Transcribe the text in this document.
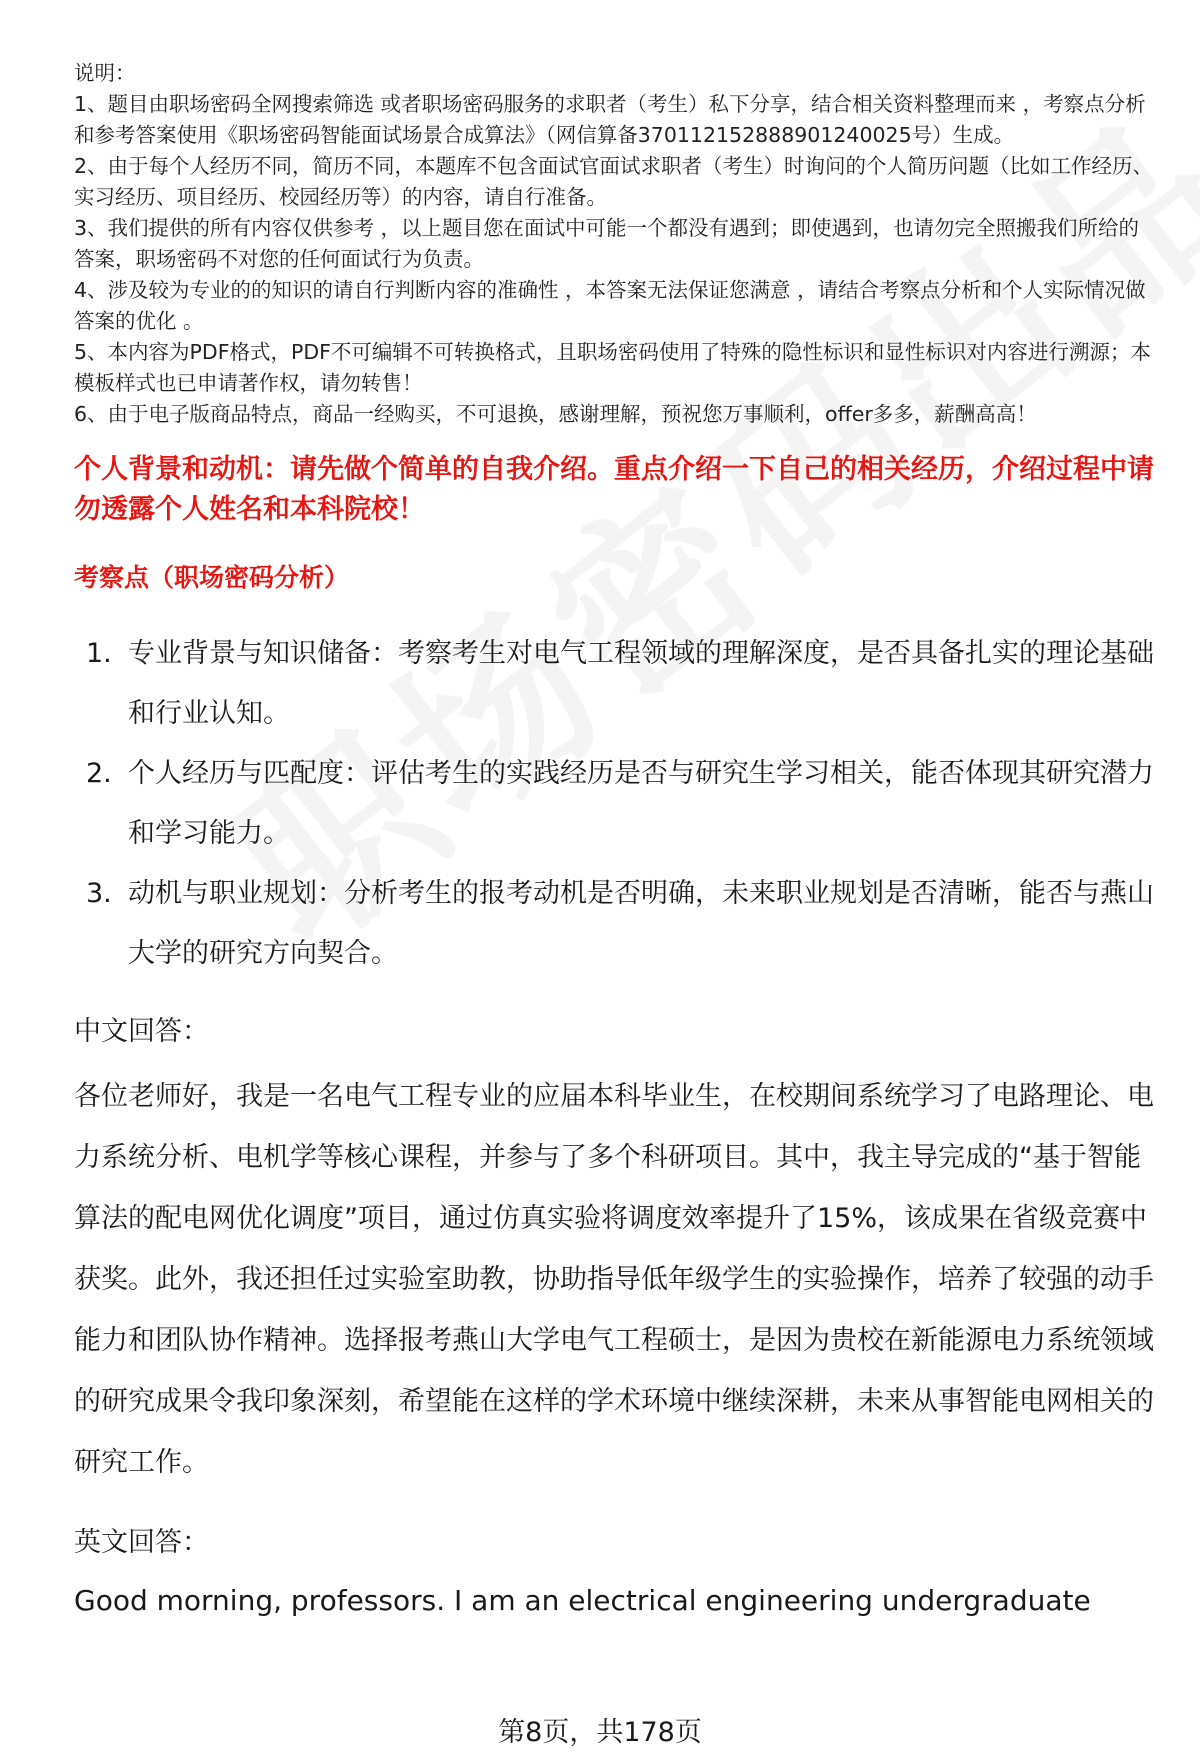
说明：

1、题目由职场密码全网搜索筛选 或者职场密码服务的求职者（考生）私下分享，结合相关资料整理而来 ，考察点分析和参考答案使用《职场密码智能面试场景合成算法》（网信算备370112152888901240025号）生成。

2、由于每个人经历不同，简历不同，本题库不包含面试官面试求职者（考生）时询问的个人简历问题（比如工作经历、实习经历、项目经历、校园经历等）的内容，请自行准备。

3、我们提供的所有内容仅供参考 ，以上题目您在面试中可能一个都没有遇到；即使遇到，也请勿完全照搬我们所给的答案，职场密码不对您的任何面试行为负责。

4、涉及较为专业的的知识的请自行判断内容的准确性 ，本答案无法保证您满意 ，请结合考察点分析和个人实际情况做答案的优化 。

5、本内容为PDF格式，PDF不可编辑不可转换格式，且职场密码使用了特殊的隐性标识和显性标识对内容进行溯源；本模板样式也已申请著作权，请勿转售！

6、由于电子版商品特点，商品一经购买，不可退换，感谢理解，预祝您万事顺利，offer多多，薪酬高高！

个人背景和动机：请先做个简单的自我介绍。重点介绍一下自己的相关经历，介绍过程中请勿透露个人姓名和本科院校！
考察点（职场密码分析）
1. 专业背景与知识储备：考察考生对电气工程领域的理解深度，是否具备扎实的理论基础和行业认知。
2. 个人经历与匹配度：评估考生的实践经历是否与研究生学习相关，能否体现其研究潜力和学习能力。
3. 动机与职业规划：分析考生的报考动机是否明确，未来职业规划是否清晰，能否与燕山大学的研究方向契合。
中文回答：
各位老师好，我是一名电气工程专业的应届本科毕业生，在校期间系统学习了电路理论、电力系统分析、电机学等核心课程，并参与了多个科研项目。其中，我主导完成的“基于智能算法的配电网优化调度”项目，通过仿真实验将调度效率提升了15%，该成果在省级竞赛中获奖。此外，我还担任过实验室助教，协助指导低年级学生的实验操作，培养了较强的动手能力和团队协作精神。选择报考燕山大学电气工程硕士，是因为贵校在新能源电力系统领域的研究成果令我印象深刻，希望能在这样的学术环境中继续深耕，未来从事智能电网相关的研究工作。
英文回答：
Good morning, professors. I am an electrical engineering undergraduate
第8页，共178页
